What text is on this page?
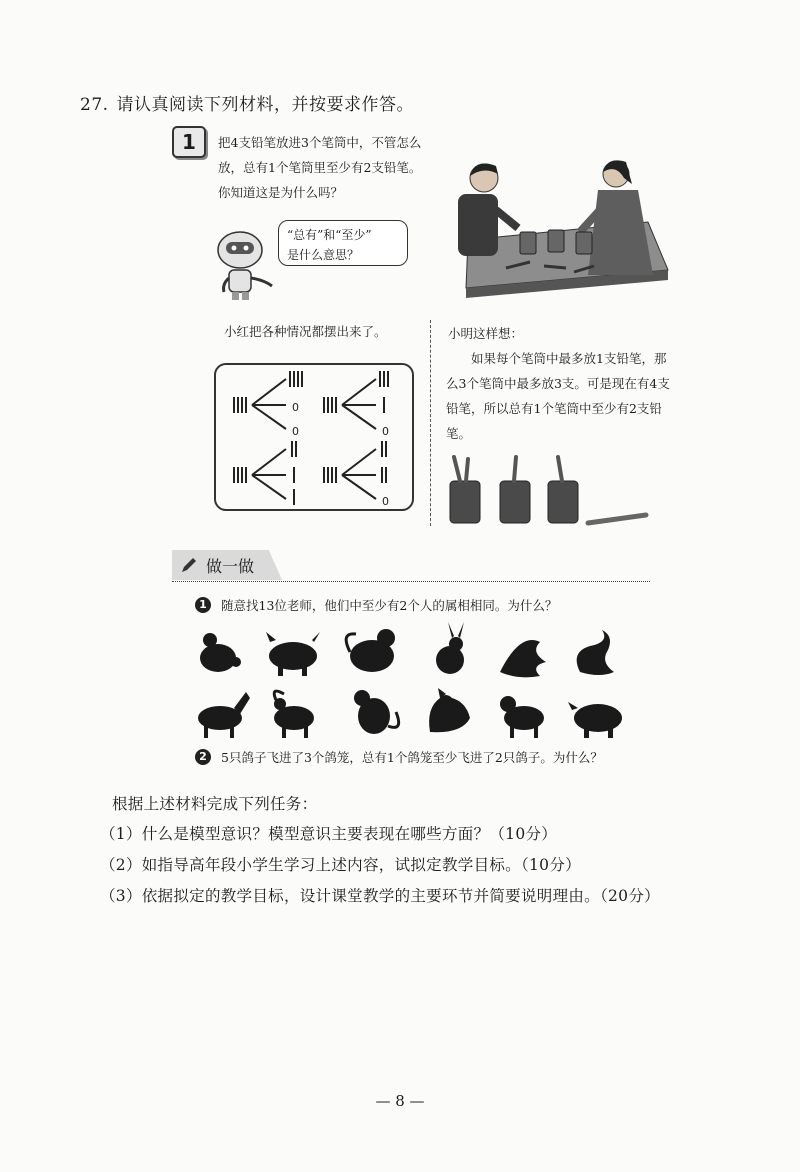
27. 请认真阅读下列材料，并按要求作答。
1	把4支铅笔放进3个笔筒中，不管怎么
放，总有1个笔筒里至少有2支铅笔。
你知道这是为什么吗？
“总有”和“至少”
是什么意思？
小红把各种情况都摆出来了。
0
0	0
0
小明这样想：
如果每个笔筒中最多放1支铅笔，那么3个笔筒中最多放3支。可是现在有4支铅笔，所以总有1个笔筒中至少有2支铅笔。
做一做
1	随意找13位老师，他们中至少有2个人的属相相同。为什么？
2	5只鸽子飞进了3个鸽笼，总有1个鸽笼至少飞进了2只鸽子。为什么？
根据上述材料完成下列任务：
（1）什么是模型意识？模型意识主要表现在哪些方面？（10分）
（2）如指导高年段小学生学习上述内容，试拟定教学目标。（10分）
（3）依据拟定的教学目标，设计课堂教学的主要环节并简要说明理由。（20分）
— 8 —
